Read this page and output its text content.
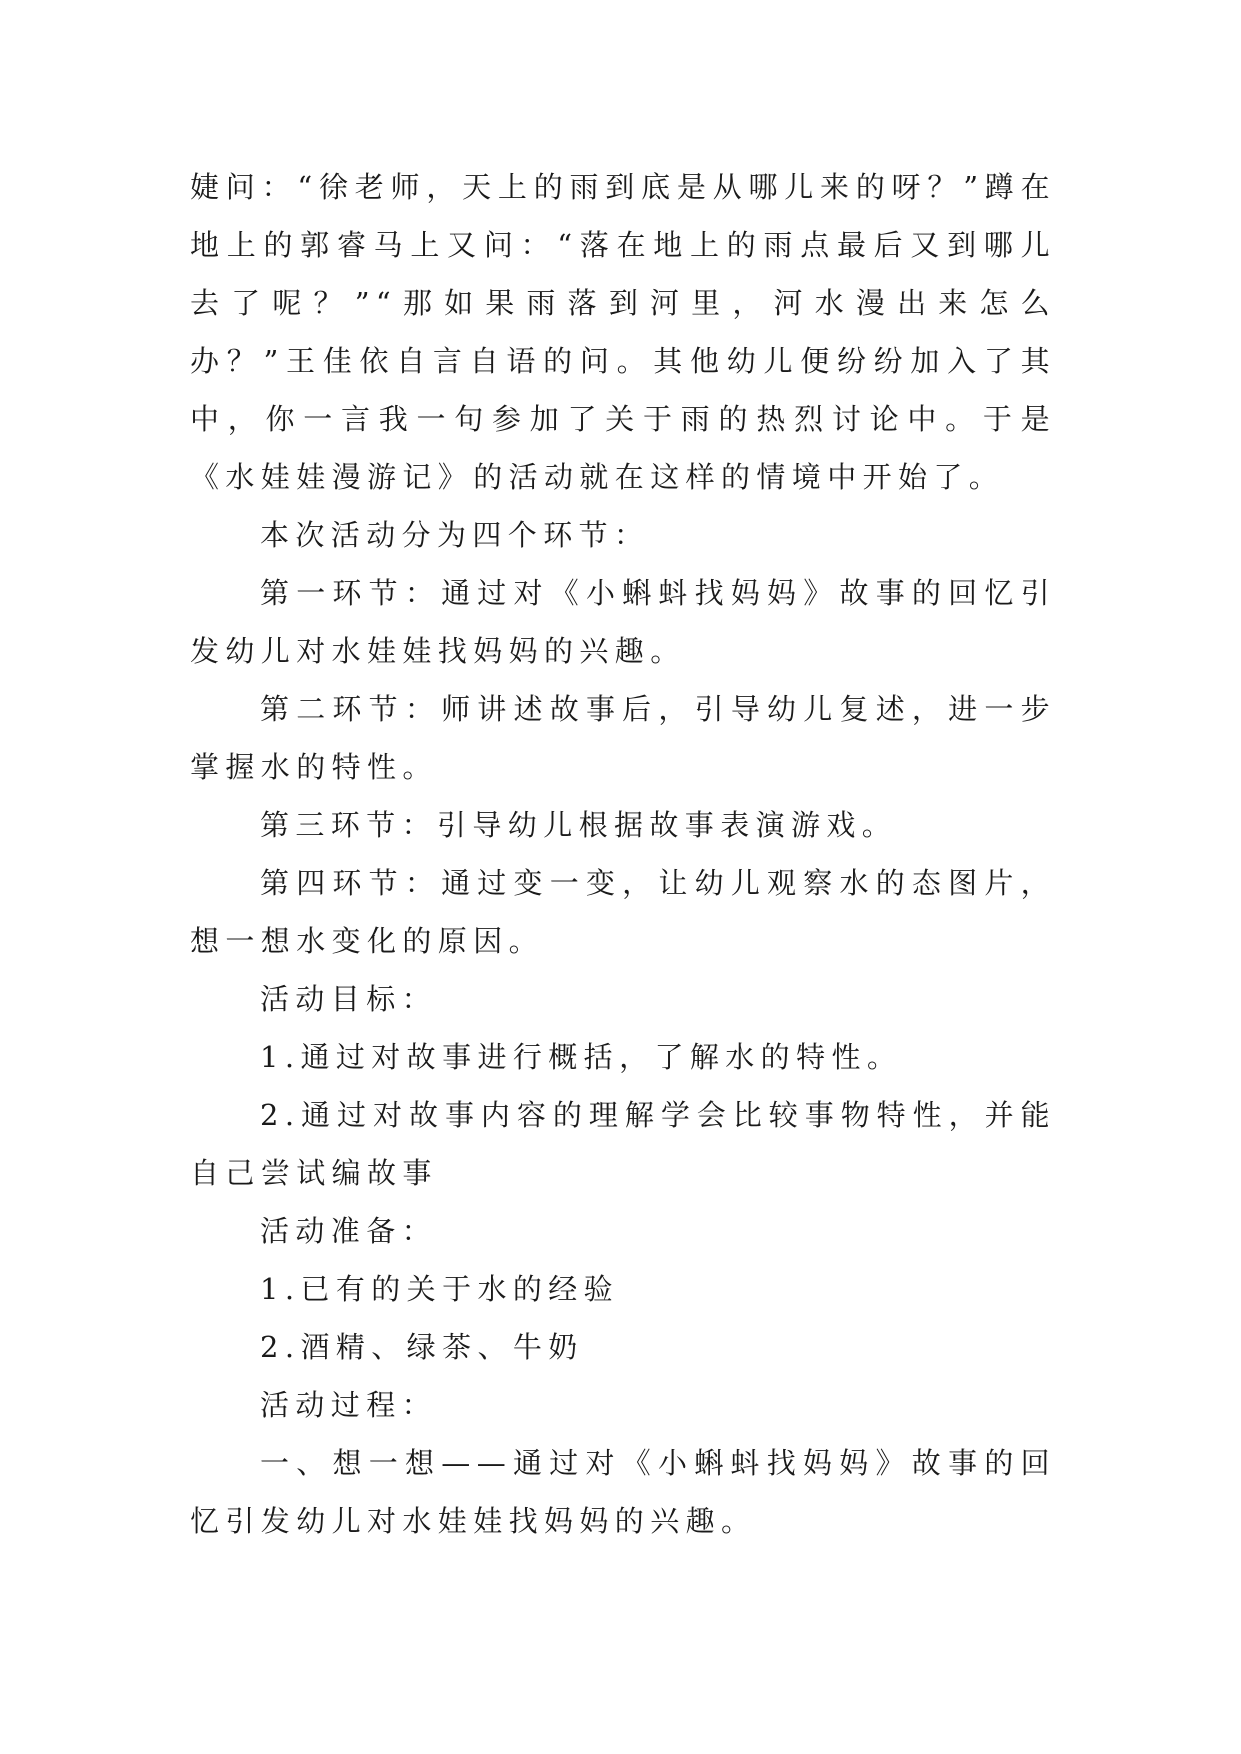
婕问：“徐老师，天上的雨到底是从哪儿来的呀？”蹲在地上的郭睿马上又问：“落在地上的雨点最后又到哪儿去了呢？”“那如果雨落到河里，河水漫出来怎么办？”王佳依自言自语的问。其他幼儿便纷纷加入了其中，你一言我一句参加了关于雨的热烈讨论中。于是《水娃娃漫游记》的活动就在这样的情境中开始了。

本次活动分为四个环节：

第一环节：通过对《小蝌蚪找妈妈》故事的回忆引发幼儿对水娃娃找妈妈的兴趣。

第二环节：师讲述故事后，引导幼儿复述，进一步掌握水的特性。

第三环节：引导幼儿根据故事表演游戏。

第四环节：通过变一变，让幼儿观察水的态图片，想一想水变化的原因。

活动目标：

1.通过对故事进行概括，了解水的特性。

2.通过对故事内容的理解学会比较事物特性，并能自己尝试编故事

活动准备：

1.已有的关于水的经验

2.酒精、绿茶、牛奶

活动过程：

一、想一想——通过对《小蝌蚪找妈妈》故事的回忆引发幼儿对水娃娃找妈妈的兴趣。
